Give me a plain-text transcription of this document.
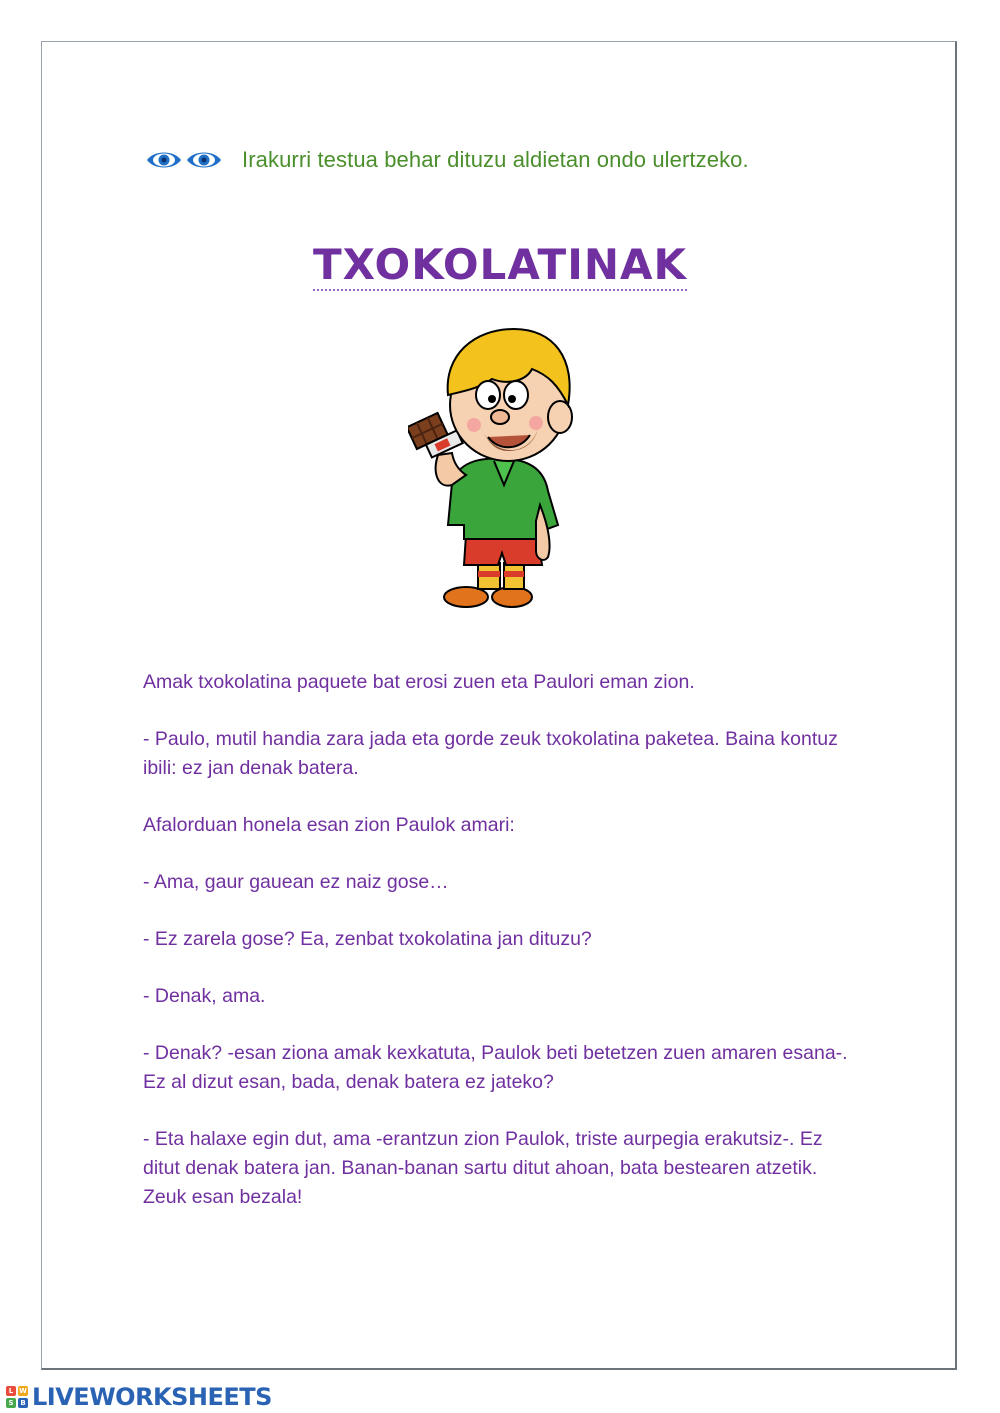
Irakurri testua behar dituzu aldietan ondo ulertzeko.
TXOKOLATINAK

Amak txokolatina paquete bat erosi zuen eta Paulori eman zion.

- Paulo, mutil handia zara jada eta gorde zeuk txokolatina paketea. Baina kontuz ibili: ez jan denak batera.

Afalorduan honela esan zion Paulok amari:

- Ama, gaur gauean ez naiz gose…

- Ez zarela gose? Ea, zenbat txokolatina jan dituzu?

- Denak, ama.

- Denak? -esan ziona amak kexkatuta, Paulok beti betetzen zuen amaren esana-. Ez al dizut esan, bada, denak batera ez jateko?

- Eta halaxe egin dut, ama -erantzun zion Paulok, triste aurpegia erakutsiz-. Ez ditut denak batera jan. Banan-banan sartu ditut ahoan, bata bestearen atzetik.

Zeuk esan bezala!

L W
S B LIVEWORKSHEETS
